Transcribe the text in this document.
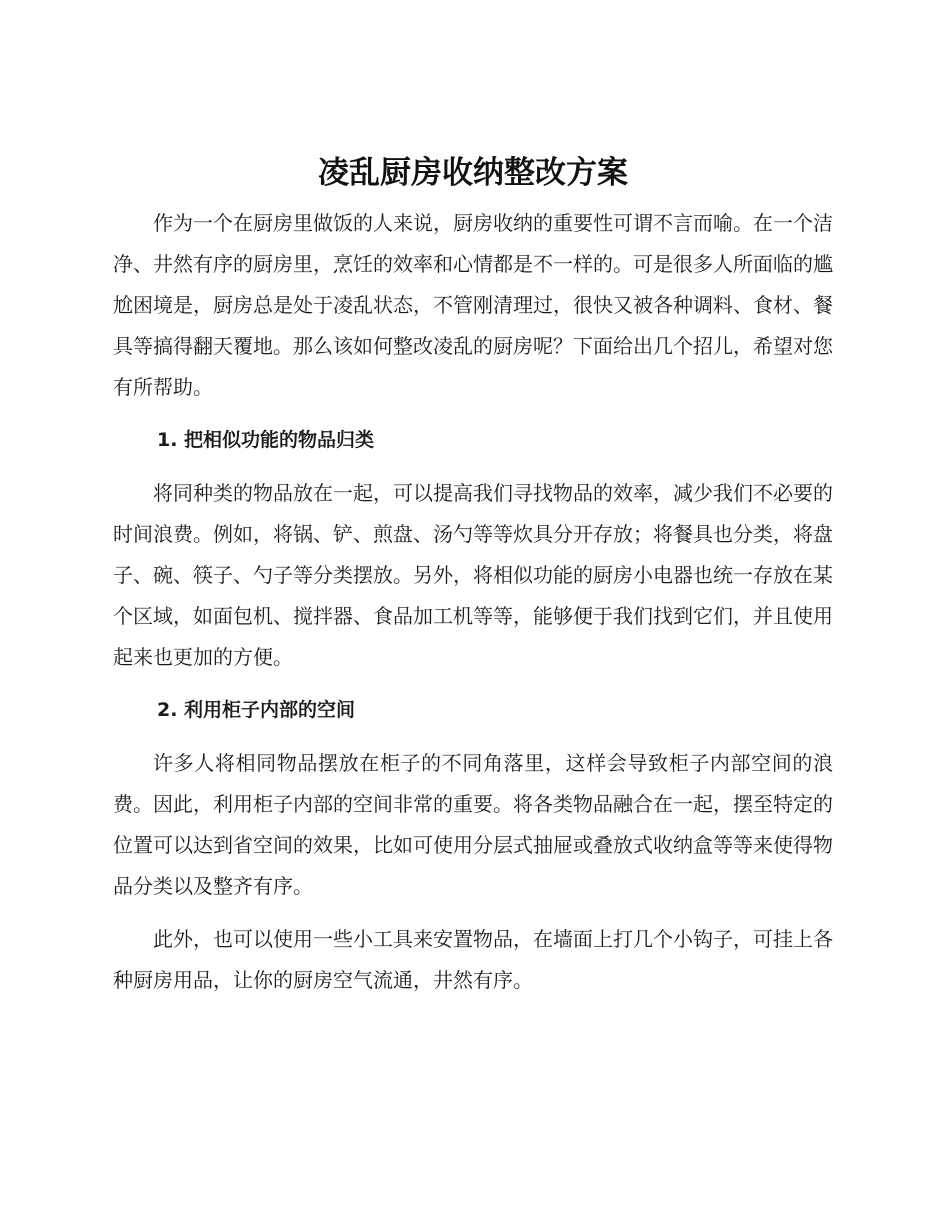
凌乱厨房收纳整改方案

作为一个在厨房里做饭的人来说，厨房收纳的重要性可谓不言而喻。在一个洁净、井然有序的厨房里，烹饪的效率和心情都是不一样的。可是很多人所面临的尴尬困境是，厨房总是处于凌乱状态，不管刚清理过，很快又被各种调料、食材、餐具等搞得翻天覆地。那么该如何整改凌乱的厨房呢？下面给出几个招儿，希望对您有所帮助。

1. 把相似功能的物品归类

将同种类的物品放在一起，可以提高我们寻找物品的效率，减少我们不必要的时间浪费。例如，将锅、铲、煎盘、汤勺等等炊具分开存放；将餐具也分类，将盘子、碗、筷子、勺子等分类摆放。另外，将相似功能的厨房小电器也统一存放在某个区域，如面包机、搅拌器、食品加工机等等，能够便于我们找到它们，并且使用起来也更加的方便。

2. 利用柜子内部的空间

许多人将相同物品摆放在柜子的不同角落里，这样会导致柜子内部空间的浪费。因此，利用柜子内部的空间非常的重要。将各类物品融合在一起，摆至特定的位置可以达到省空间的效果，比如可使用分层式抽屉或叠放式收纳盒等等来使得物品分类以及整齐有序。

此外，也可以使用一些小工具来安置物品，在墙面上打几个小钩子，可挂上各种厨房用品，让你的厨房空气流通，井然有序。
